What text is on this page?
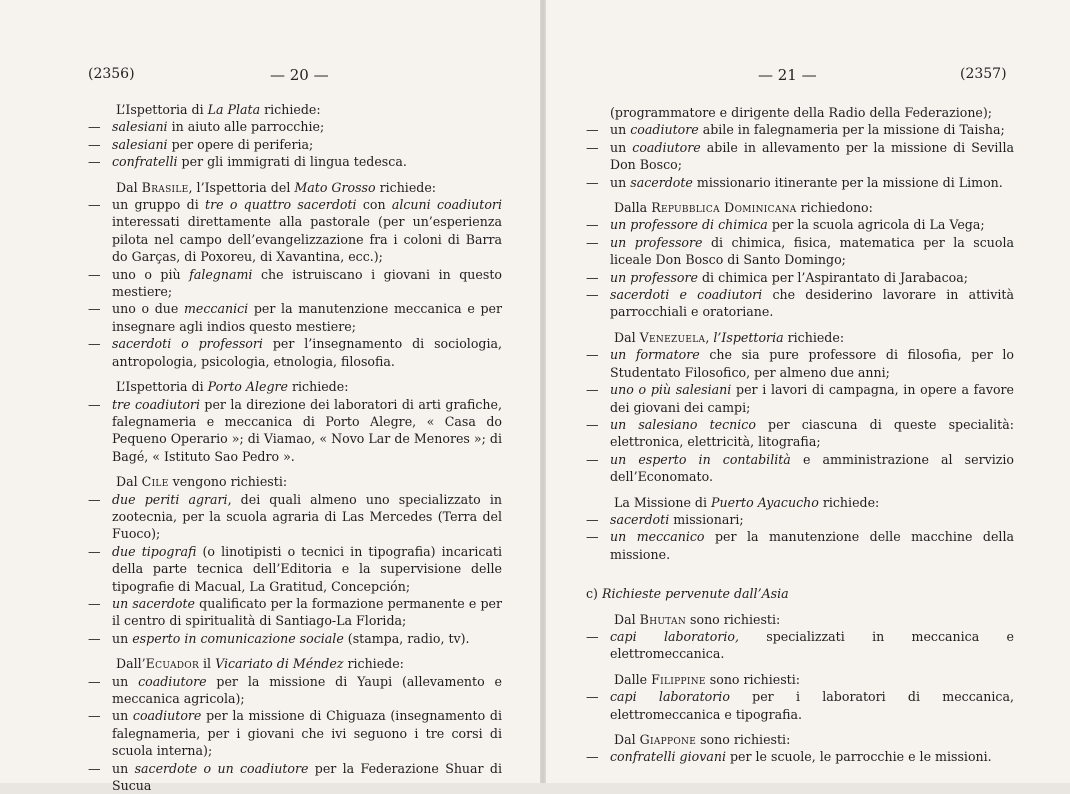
(2356)	— 20 —

L’Ispettoria di La Plata richiede:

— salesiani in aiuto alle parrocchie;

— salesiani per opere di periferia;

— confratelli per gli immigrati di lingua tedesca.

Dal Brasile, l’Ispettoria del Mato Grosso richiede:

— un gruppo di tre o quattro sacerdoti con alcuni coadiutori interessati direttamente alla pastorale (per un’esperienza pilota nel campo dell’evangelizzazione fra i coloni di Barra do Garças, di Poxoreu, di Xavantina, ecc.);

— uno o più falegnami che istruiscano i giovani in questo mestiere;

— uno o due meccanici per la manutenzione meccanica e per insegnare agli indios questo mestiere;

— sacerdoti o professori per l’insegnamento di sociologia, antropologia, psicologia, etnologia, filosofia.

L’Ispettoria di Porto Alegre richiede:

— tre coadiutori per la direzione dei laboratori di arti grafiche, falegnameria e meccanica di Porto Alegre, « Casa do Pequeno Operario »; di Viamao, « Novo Lar de Menores »; di Bagé, « Istituto Sao Pedro ».

Dal Cile vengono richiesti:

— due periti agrari, dei quali almeno uno specializzato in zootecnia, per la scuola agraria di Las Mercedes (Terra del Fuoco);

— due tipografi (o linotipisti o tecnici in tipografia) incaricati della parte tecnica dell’Editoria e la supervisione delle tipografie di Macual, La Gratitud, Concepción;

— un sacerdote qualificato per la formazione permanente e per il centro di spiritualità di Santiago-La Florida;

— un esperto in comunicazione sociale (stampa, radio, tv).

Dall’Ecuador il Vicariato di Méndez richiede:

— un coadiutore per la missione di Yaupi (allevamento e meccanica agricola);

— un coadiutore per la missione di Chiguaza (insegnamento di falegnameria, per i giovani che ivi seguono i tre corsi di scuola interna);

— un sacerdote o un coadiutore per la Federazione Shuar di Sucua

— 21 —	(2357)

(programmatore e dirigente della Radio della Federazione);

— un coadiutore abile in falegnameria per la missione di Taisha;

— un coadiutore abile in allevamento per la missione di Sevilla Don Bosco;

— un sacerdote missionario itinerante per la missione di Limon.

Dalla Repubblica Dominicana richiedono:

— un professore di chimica per la scuola agricola di La Vega;

— un professore di chimica, fisica, matematica per la scuola liceale Don Bosco di Santo Domingo;

— un professore di chimica per l’Aspirantato di Jarabacoa;

— sacerdoti e coadiutori che desiderino lavorare in attività parrocchiali e oratoriane.

Dal Venezuela, l’Ispettoria richiede:

— un formatore che sia pure professore di filosofia, per lo Studentato Filosofico, per almeno due anni;

— uno o più salesiani per i lavori di campagna, in opere a favore dei giovani dei campi;

— un salesiano tecnico per ciascuna di queste specialità: elettronica, elettricità, litografia;

— un esperto in contabilità e amministrazione al servizio dell’Economato.

La Missione di Puerto Ayacucho richiede:

— sacerdoti missionari;

— un meccanico per la manutenzione delle macchine della missione.

c) Richieste pervenute dall’Asia

Dal Bhutan sono richiesti:

— capi laboratorio, specializzati in meccanica e elettromeccanica.

Dalle Filippine sono richiesti:

— capi laboratorio per i laboratori di meccanica, elettromeccanica e tipografia.

Dal Giappone sono richiesti:

— confratelli giovani per le scuole, le parrocchie e le missioni.
